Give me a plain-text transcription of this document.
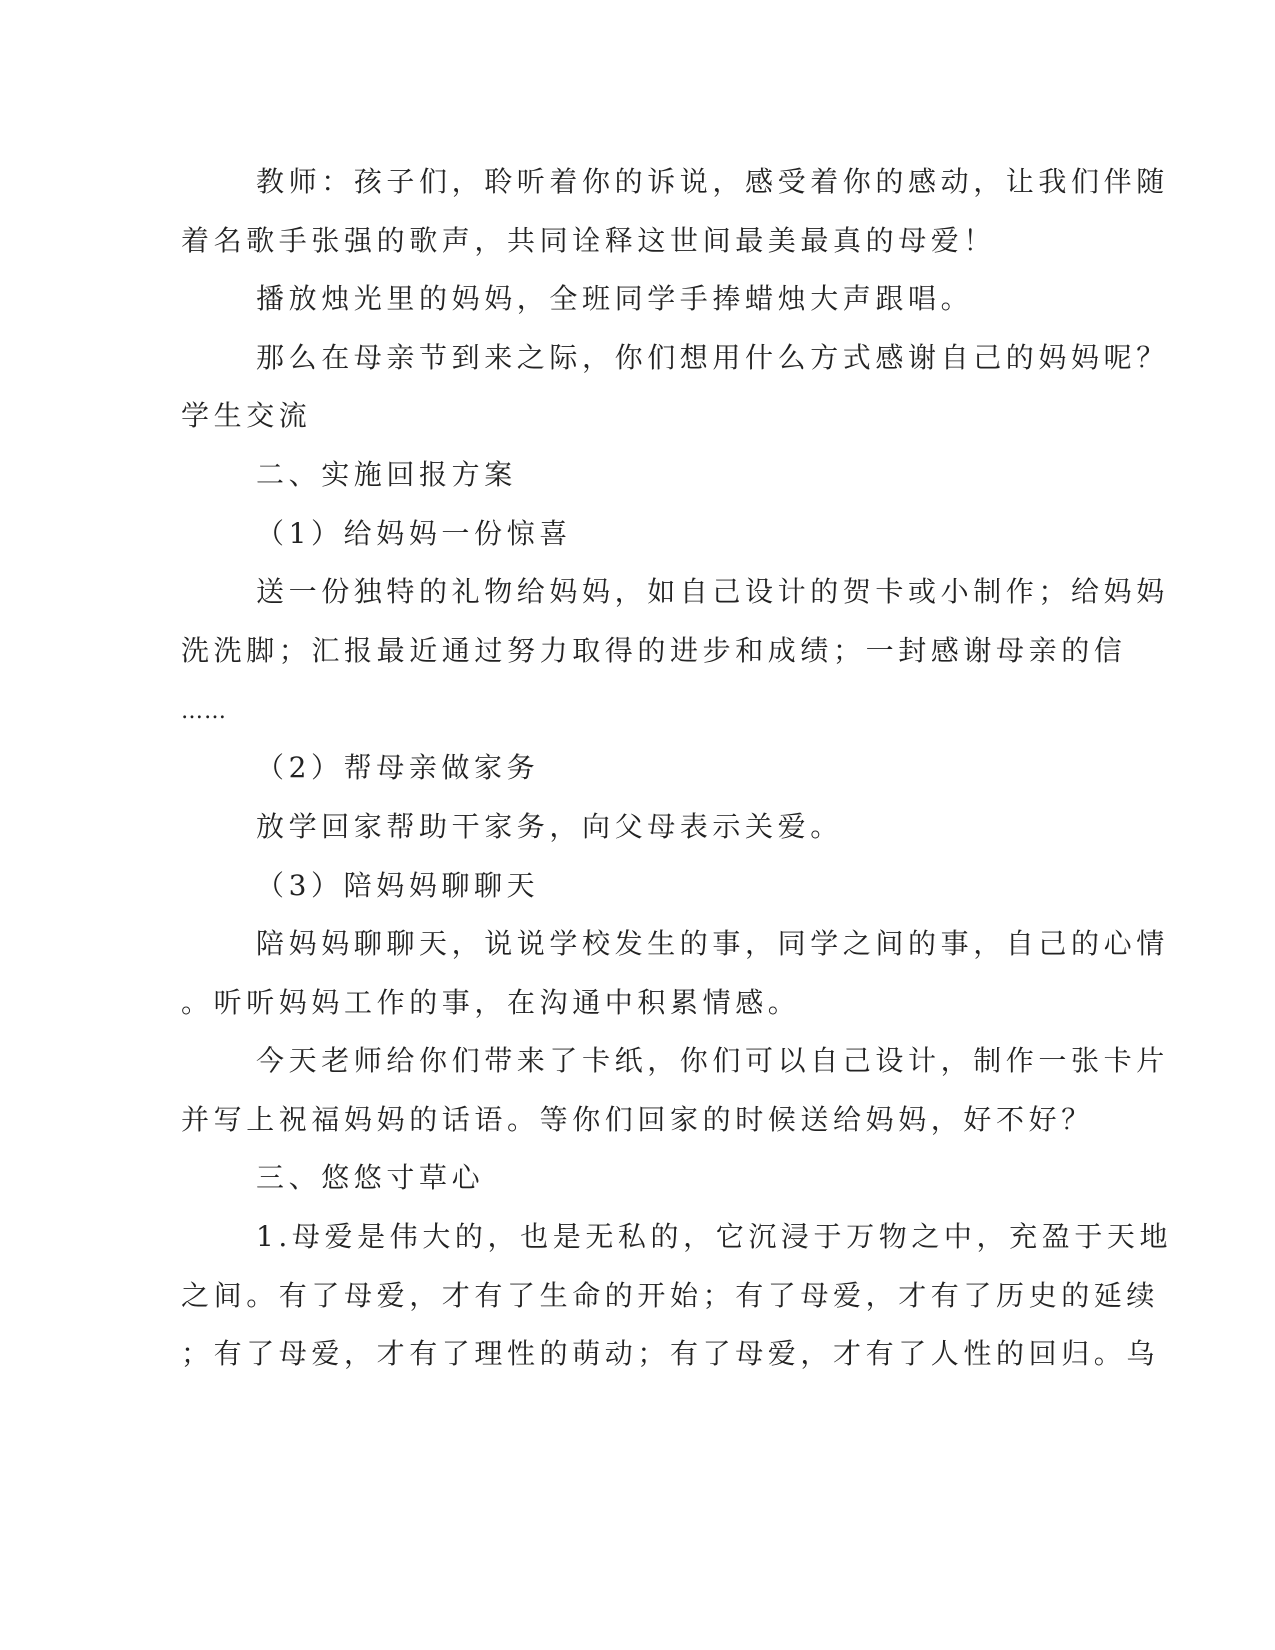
教师：孩子们，聆听着你的诉说，感受着你的感动，让我们伴随
着名歌手张强的歌声，共同诠释这世间最美最真的母爱！
播放烛光里的妈妈，全班同学手捧蜡烛大声跟唱。
那么在母亲节到来之际，你们想用什么方式感谢自己的妈妈呢？
学生交流
二、实施回报方案
（1）给妈妈一份惊喜
送一份独特的礼物给妈妈，如自己设计的贺卡或小制作；给妈妈
洗洗脚；汇报最近通过努力取得的进步和成绩；一封感谢母亲的信
……
（2）帮母亲做家务
放学回家帮助干家务，向父母表示关爱。
（3）陪妈妈聊聊天
陪妈妈聊聊天，说说学校发生的事，同学之间的事，自己的心情
。听听妈妈工作的事，在沟通中积累情感。
今天老师给你们带来了卡纸，你们可以自己设计，制作一张卡片
并写上祝福妈妈的话语。等你们回家的时候送给妈妈，好不好？
三、悠悠寸草心
1.母爱是伟大的，也是无私的，它沉浸于万物之中，充盈于天地
之间。有了母爱，才有了生命的开始；有了母爱，才有了历史的延续
；有了母爱，才有了理性的萌动；有了母爱，才有了人性的回归。乌
